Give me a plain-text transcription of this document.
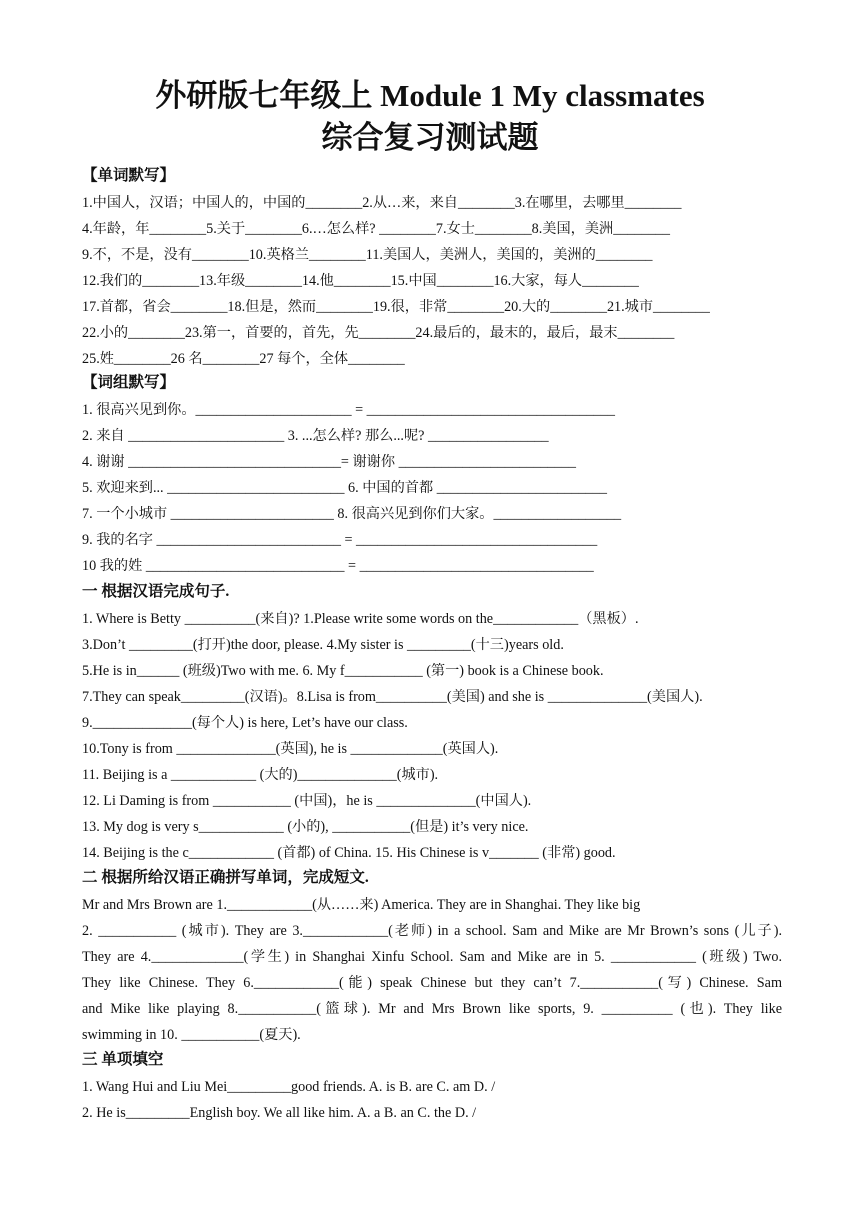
外研版七年级上 Module 1 My classmates
综合复习测试题
【单词默写】
1.中国人，汉语；中国人的，中国的________2.从…来，来自________3.在哪里，去哪里________
4.年龄，年________5.关于________6.…怎么样? ________7.女士________8.美国，美洲________
9.不，不是，没有________10.英格兰________11.美国人，美洲人，美国的，美洲的________
12.我们的________13.年级________14.他________15.中国________16.大家，每人________
17.首都，省会________18.但是，然而________19.很，非常________20.大的________21.城市________
22.小的________23.第一，首要的，首先，先________24.最后的，最末的，最后，最末________
25.姓________26 名________27 每个，全体________
【词组默写】
1. 很高兴见到你。______________________ = ___________________________________
2. 来自 ______________________ 3. ...怎么样? 那么...呢? _________________
4. 谢谢 ______________________________= 谢谢你 _________________________
5. 欢迎来到... _________________________ 6. 中国的首都 ________________________
7. 一个小城市 _______________________ 8. 很高兴见到你们大家。__________________
9. 我的名字 __________________________ = __________________________________
10 我的姓 ____________________________ = _________________________________
一 根据汉语完成句子.
1. Where is Betty __________(来自)? 1.Please write some words on the____________（黑板）.
3.Don’t _________(打开)the door, please. 4.My sister is _________(十三)years old.
5.He is in______ (班级)Two with me. 6. My f___________ (第一) book is a Chinese book.
7.They can speak_________(汉语)。8.Lisa is from__________(美国) and she is ______________(美国人).
9.______________(每个人) is here, Let’s have our class.
10.Tony is from ______________(英国), he is _____________(英国人).
11. Beijing is a ____________ (大的)______________(城市).
12. Li Daming is from ___________ (中国)，he is ______________(中国人).
13. My dog is very s____________ (小的), ___________(但是) it’s very nice.
14. Beijing is the c____________ (首都) of China. 15. His Chinese is v_______ (非常) good.
二 根据所给汉语正确拼写单词，完成短文.
Mr and Mrs Brown are 1.____________(从……来) America. They are in Shanghai. They like big
2. ___________ (城市). They are 3.____________(老师) in a school. Sam and Mike are Mr Brown’s sons (儿子).
They are 4._____________(学生) in Shanghai Xinfu School. Sam and Mike are in 5. ____________ (班级) Two.
They like Chinese. They 6.____________(能) speak Chinese but they can’t 7.___________(写) Chinese. Sam
and Mike like playing 8.___________(篮球). Mr and Mrs Brown like sports, 9. __________ (也). They like
swimming in 10. ___________(夏天).
三 单项填空
1. Wang Hui and Liu Mei_________good friends. A. is B. are C. am D. /
2. He is_________English boy. We all like him. A. a B. an C. the D. /
